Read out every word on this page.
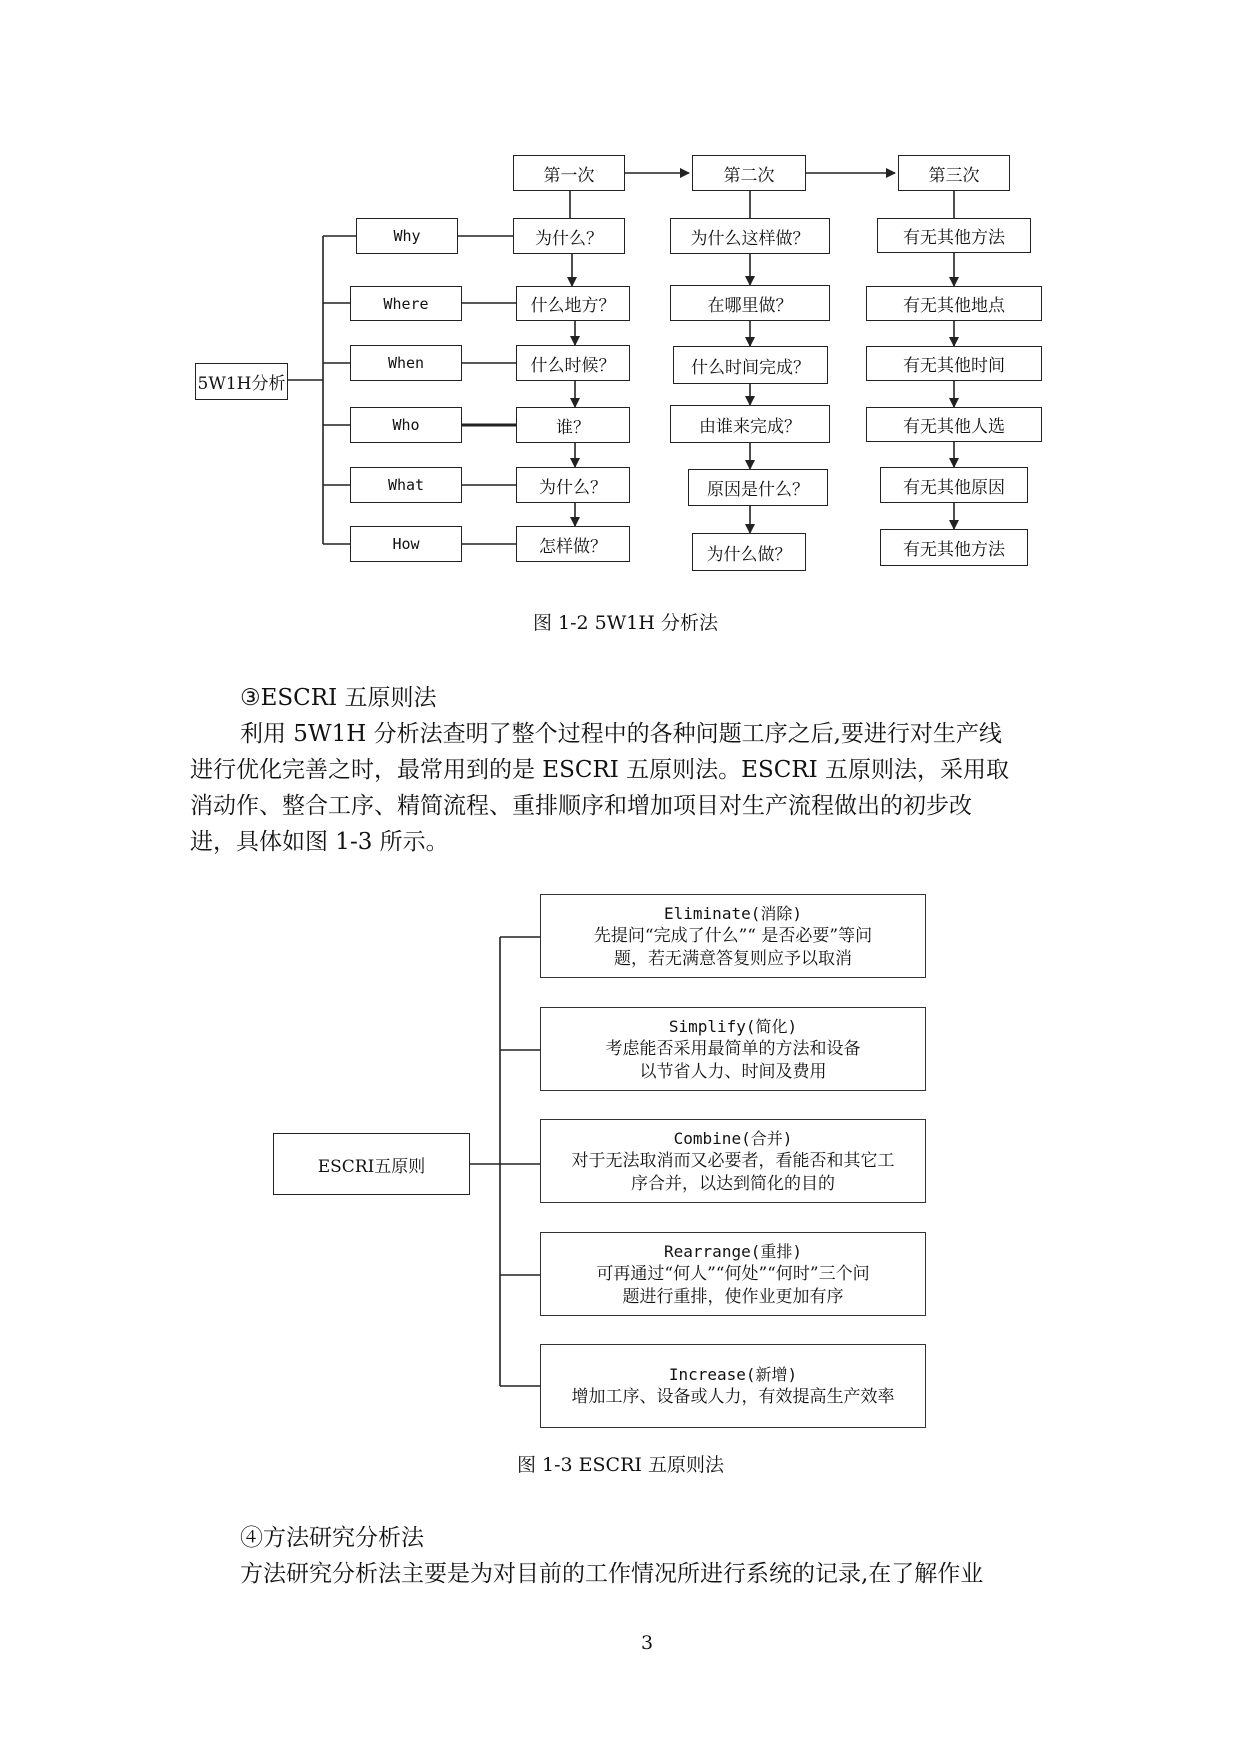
5W1H分析
Why
Where
When
Who
What
How
第一次	第二次	第三次
为什么？
什么地方？
什么时候？
谁？
为什么？
怎样做？
为什么这样做？
在哪里做？
什么时间完成？
由谁来完成？
原因是什么？
为什么做？
有无其他方法
有无其他地点
有无其他时间
有无其他人选
有无其他原因
有无其他方法
图 1-2 5W1H 分析法
③ESCRI 五原则法
利用 5W1H 分析法查明了整个过程中的各种问题工序之后,要进行对生产线
进行优化完善之时，最常用到的是 ESCRI 五原则法。ESCRI 五原则法，采用取
消动作、整合工序、精简流程、重排顺序和增加项目对生产流程做出的初步改
进，具体如图 1-3 所示。
ESCRI五原则
Eliminate(消除)
先提问“完成了什么”“ 是否必要”等问
题，若无满意答复则应予以取消
Simplify(简化)
考虑能否采用最简单的方法和设备
以节省人力、时间及费用
Combine(合并)
对于无法取消而又必要者，看能否和其它工
序合并，以达到简化的目的
Rearrange(重排)
可再通过“何人”“何处”“何时”三个问
题进行重排，使作业更加有序
Increase(新增)
增加工序、设备或人力，有效提高生产效率
图 1-3 ESCRI 五原则法
④方法研究分析法
方法研究分析法主要是为对目前的工作情况所进行系统的记录,在了解作业
3
